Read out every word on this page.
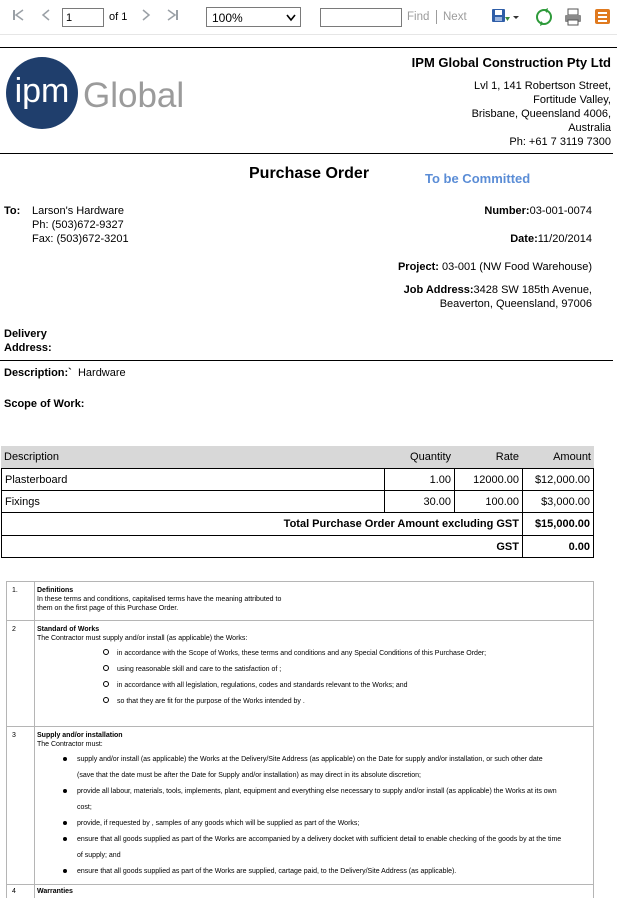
1
of 1	100%	Find Next
ipm Global
IPM Global Construction Pty Ltd
Lvl 1, 141 Robertson Street,
Fortitude Valley,
Brisbane, Queensland 4006,
Australia
Ph: +61 7 3119 7300
Purchase Order	To be Committed
To: Larson's Hardware
Ph: (503)672-9327
Fax: (503)672-3201
Number:03-001-0074
Date:11/20/2014
Project: 03-001 (NW Food Warehouse)
Job Address:3428 SW 185th Avenue,
Beaverton, Queensland, 97006
Delivery
Address:
Description:` Hardware
Scope of Work:
Description	Quantity	Rate	Amount
Plasterboard	1.00 12000.00 $12,000.00
Fixings	30.00	100.00 $3,000.00
Total Purchase Order Amount excluding GST $15,000.00
GST	0.00
1.	Definitions
In these terms and conditions, capitalised terms have the meaning attributed to
them on the first page of this Purchase Order.
2	Standard of Works
The Contractor must supply and/or install (as applicable) the Works:
in accordance with the Scope of Works, these terms and conditions and any Special Conditions of this Purchase Order;
using reasonable skill and care to the satisfaction of ;
in accordance with all legislation, regulations, codes and standards relevant to the Works; and
so that they are fit for the purpose of the Works intended by .
3	Supply and/or installation
The Contractor must:
supply and/or install (as applicable) the Works at the Delivery/Site Address (as applicable) on the Date for supply and/or installation, or such other date
(save that the date must be after the Date for Supply and/or installation) as may direct in its absolute discretion;
provide all labour, materials, tools, implements, plant, equipment and everything else necessary to supply and/or install (as applicable) the Works at its own
cost;
provide, if requested by , samples of any goods which will be supplied as part of the Works;
ensure that all goods supplied as part of the Works are accompanied by a delivery docket with sufficient detail to enable checking of the goods by at the time
of supply; and
ensure that all goods supplied as part of the Works are supplied, cartage paid, to the Delivery/Site Address (as applicable).
4	Warranties
